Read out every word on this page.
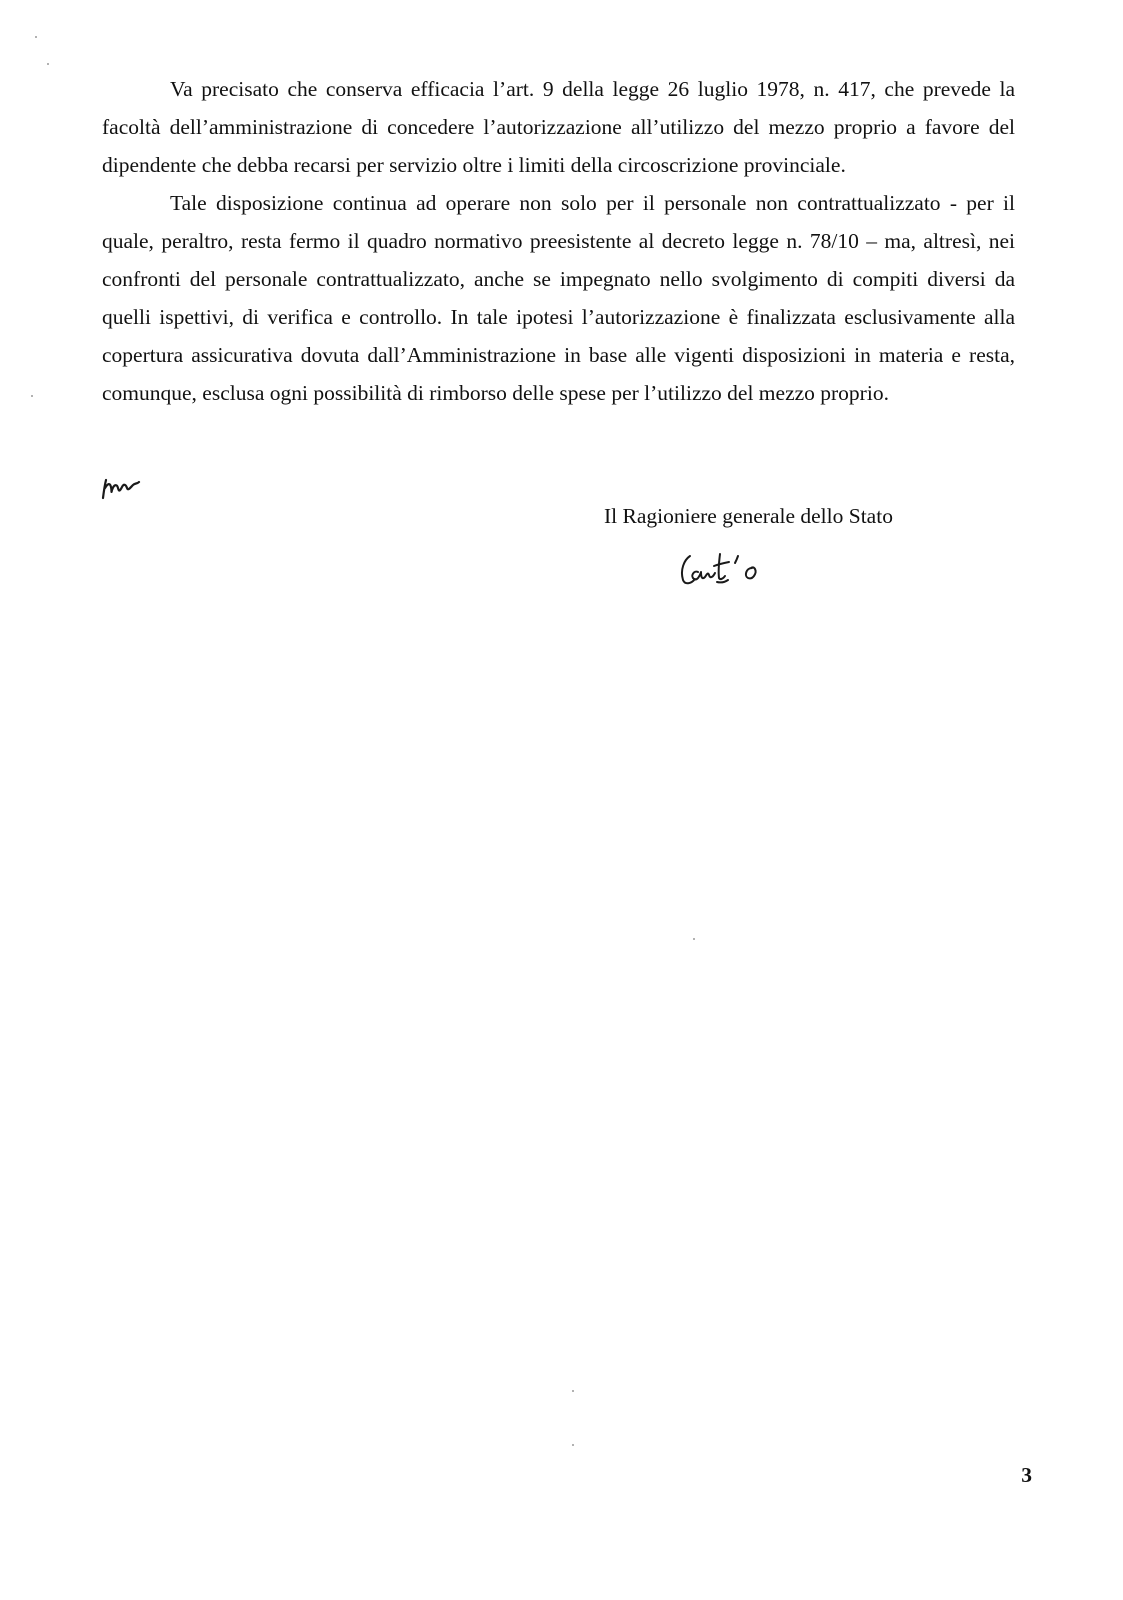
Va precisato che conserva efficacia l’art. 9 della legge 26 luglio 1978, n. 417, che prevede la facoltà dell’amministrazione di concedere l’autorizzazione all’utilizzo del mezzo proprio a favore del dipendente che debba recarsi per servizio oltre i limiti della circoscrizione provinciale.

Tale disposizione continua ad operare non solo per il personale non contrattualizzato - per il quale, peraltro, resta fermo il quadro normativo preesistente al decreto legge n. 78/10 – ma, altresì, nei confronti del personale contrattualizzato, anche se impegnato nello svolgimento di compiti diversi da quelli ispettivi, di verifica e controllo. In tale ipotesi l’autorizzazione è finalizzata esclusivamente alla copertura assicurativa dovuta dall’Amministrazione in base alle vigenti disposizioni in materia e resta, comunque, esclusa ogni possibilità di rimborso delle spese per l’utilizzo del mezzo proprio.

Il Ragioniere generale dello Stato
3
